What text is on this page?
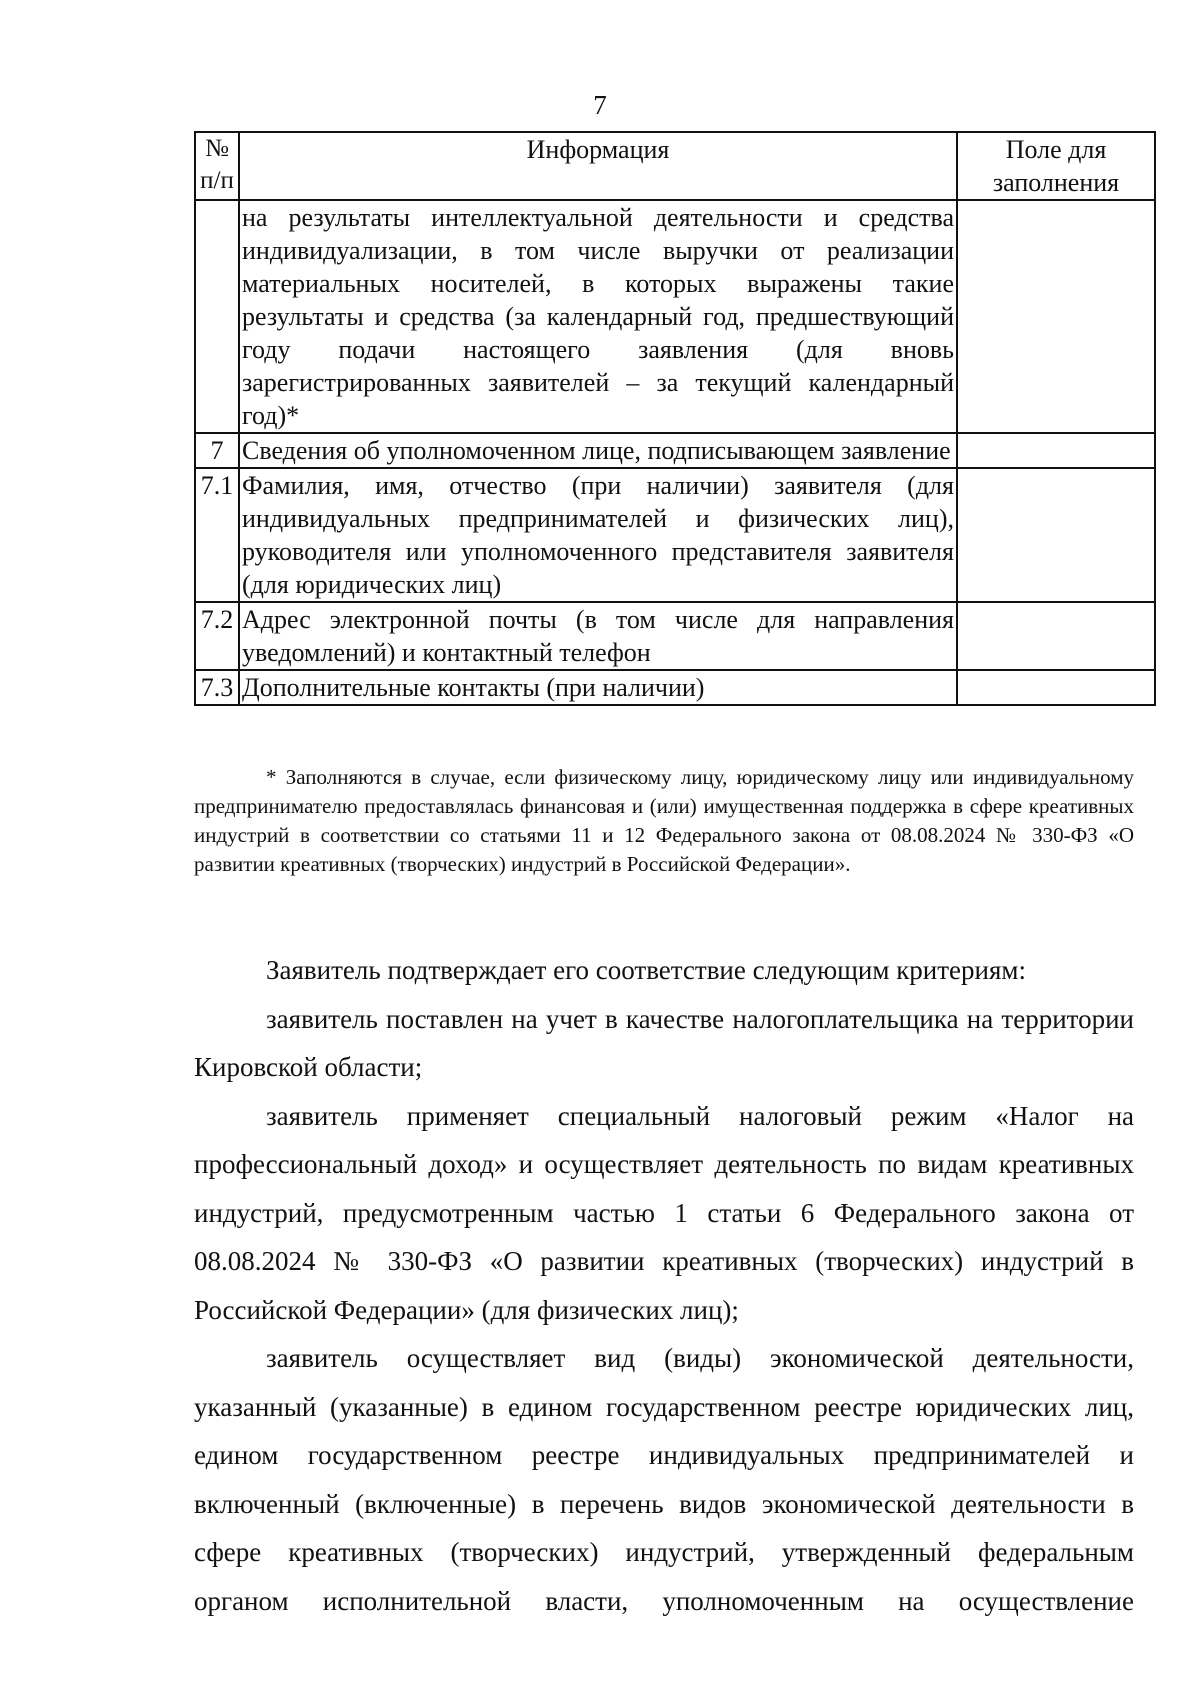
7
№ п/п	Информация	Поле для заполнения
	на результаты интеллектуальной деятельности и средства индивидуализации, в том числе выручки от реализации материальных носителей, в которых выражены такие результаты и средства (за календарный год, предшествующий году подачи настоящего заявления (для вновь зарегистрированных заявителей – за текущий календарный год)*	
7	Сведения об уполномоченном лице, подписывающем заявление	
7.1	Фамилия, имя, отчество (при наличии) заявителя (для индивидуальных предпринимателей и физических лиц), руководителя или уполномоченного представителя заявителя (для юридических лиц)	
7.2	Адрес электронной почты (в том числе для направления уведомлений) и контактный телефон	
7.3	Дополнительные контакты (при наличии)	
* Заполняются в случае, если физическому лицу, юридическому лицу или индивидуальному предпринимателю предоставлялась финансовая и (или) имущественная поддержка в сфере креативных индустрий в соответствии со статьями 11 и 12 Федерального закона от 08.08.2024 № 330-ФЗ «О развитии креативных (творческих) индустрий в Российской Федерации».

Заявитель подтверждает его соответствие следующим критериям:

заявитель поставлен на учет в качестве налогоплательщика на территории Кировской области;

заявитель применяет специальный налоговый режим «Налог на профессиональный доход» и осуществляет деятельность по видам креативных индустрий, предусмотренным частью 1 статьи 6 Федерального закона от 08.08.2024 № 330-ФЗ «О развитии креативных (творческих) индустрий в Российской Федерации» (для физических лиц);

заявитель осуществляет вид (виды) экономической деятельности, указанный (указанные) в едином государственном реестре юридических лиц, едином государственном реестре индивидуальных предпринимателей и включенный (включенные) в перечень видов экономической деятельности в сфере креативных (творческих) индустрий, утвержденный федеральным органом исполнительной власти, уполномоченным на осуществление
